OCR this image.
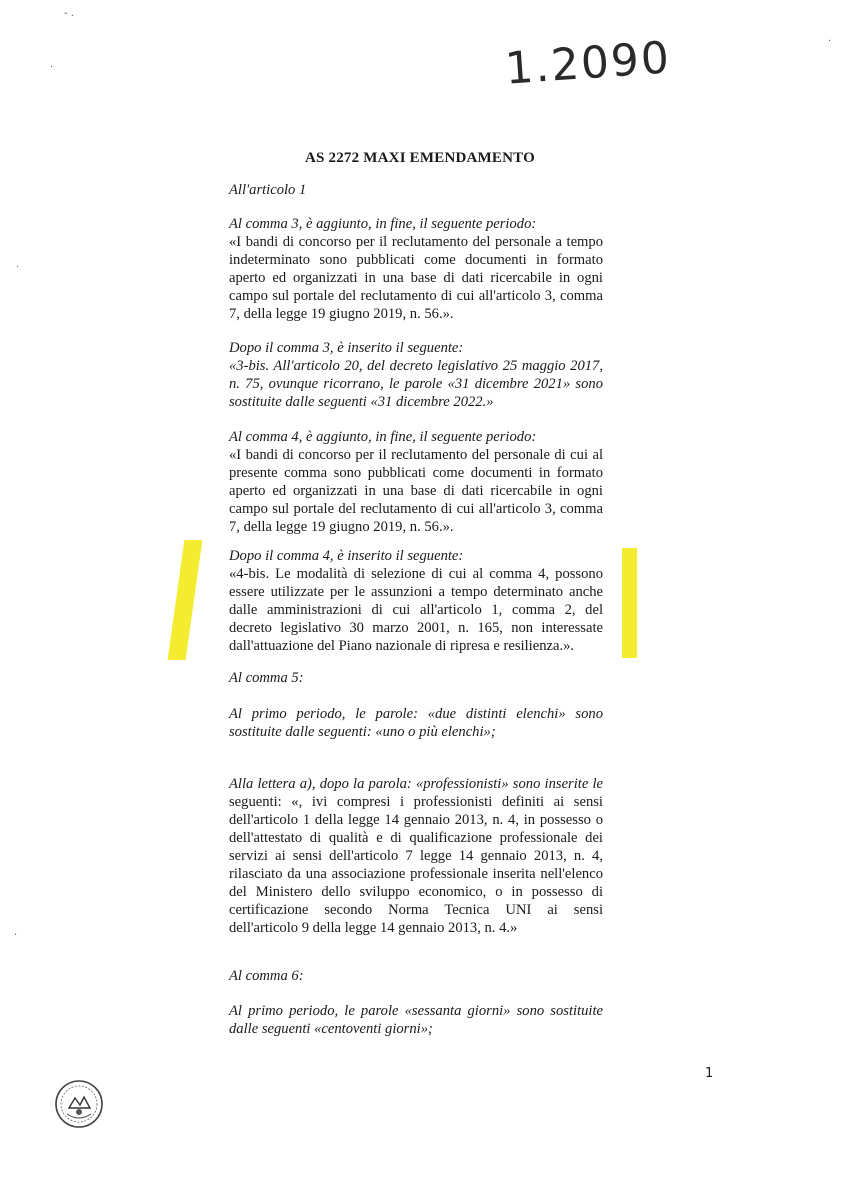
1.2090
AS 2272 MAXI EMENDAMENTO
All'articolo 1
Al comma 3, è aggiunto, in fine, il seguente periodo:
«I bandi di concorso per il reclutamento del personale a tempo
indeterminato sono pubblicati come documenti in formato
aperto ed organizzati in una base di dati ricercabile in ogni
campo sul portale del reclutamento di cui all'articolo 3, comma
7, della legge 19 giugno 2019, n. 56.».
Dopo il comma 3, è inserito il seguente:
«3-bis. All'articolo 20, del decreto legislativo 25 maggio 2017,
n. 75, ovunque ricorrano, le parole «31 dicembre 2021» sono
sostituite dalle seguenti «31 dicembre 2022.»
Al comma 4, è aggiunto, in fine, il seguente periodo:
«I bandi di concorso per il reclutamento del personale di cui al
presente comma sono pubblicati come documenti in formato
aperto ed organizzati in una base di dati ricercabile in ogni
campo sul portale del reclutamento di cui all'articolo 3, comma
7, della legge 19 giugno 2019, n. 56.».
Dopo il comma 4, è inserito il seguente:
«4-bis. Le modalità di selezione di cui al comma 4, possono
essere utilizzate per le assunzioni a tempo determinato anche
dalle amministrazioni di cui all'articolo 1, comma 2, del
decreto legislativo 30 marzo 2001, n. 165, non interessate
dall'attuazione del Piano nazionale di ripresa e resilienza.».
Al comma 5:
Al primo periodo, le parole: «due distinti elenchi» sono
sostituite dalle seguenti: «uno o più elenchi»;
Alla lettera a), dopo la parola: «professionisti» sono inserite le
seguenti: «, ivi compresi i professionisti definiti ai sensi
dell'articolo 1 della legge 14 gennaio 2013, n. 4, in possesso o
dell'attestato di qualità e di qualificazione professionale dei
servizi ai sensi dell'articolo 7 legge 14 gennaio 2013, n. 4,
rilasciato da una associazione professionale inserita nell'elenco
del Ministero dello sviluppo economico, o in possesso di
certificazione secondo Norma Tecnica UNI ai sensi
dell'articolo 9 della legge 14 gennaio 2013, n. 4.»
Al comma 6:
Al primo periodo, le parole «sessanta giorni» sono sostituite
dalle seguenti «centoventi giorni»;
1
‐ .
·
·
·
·
